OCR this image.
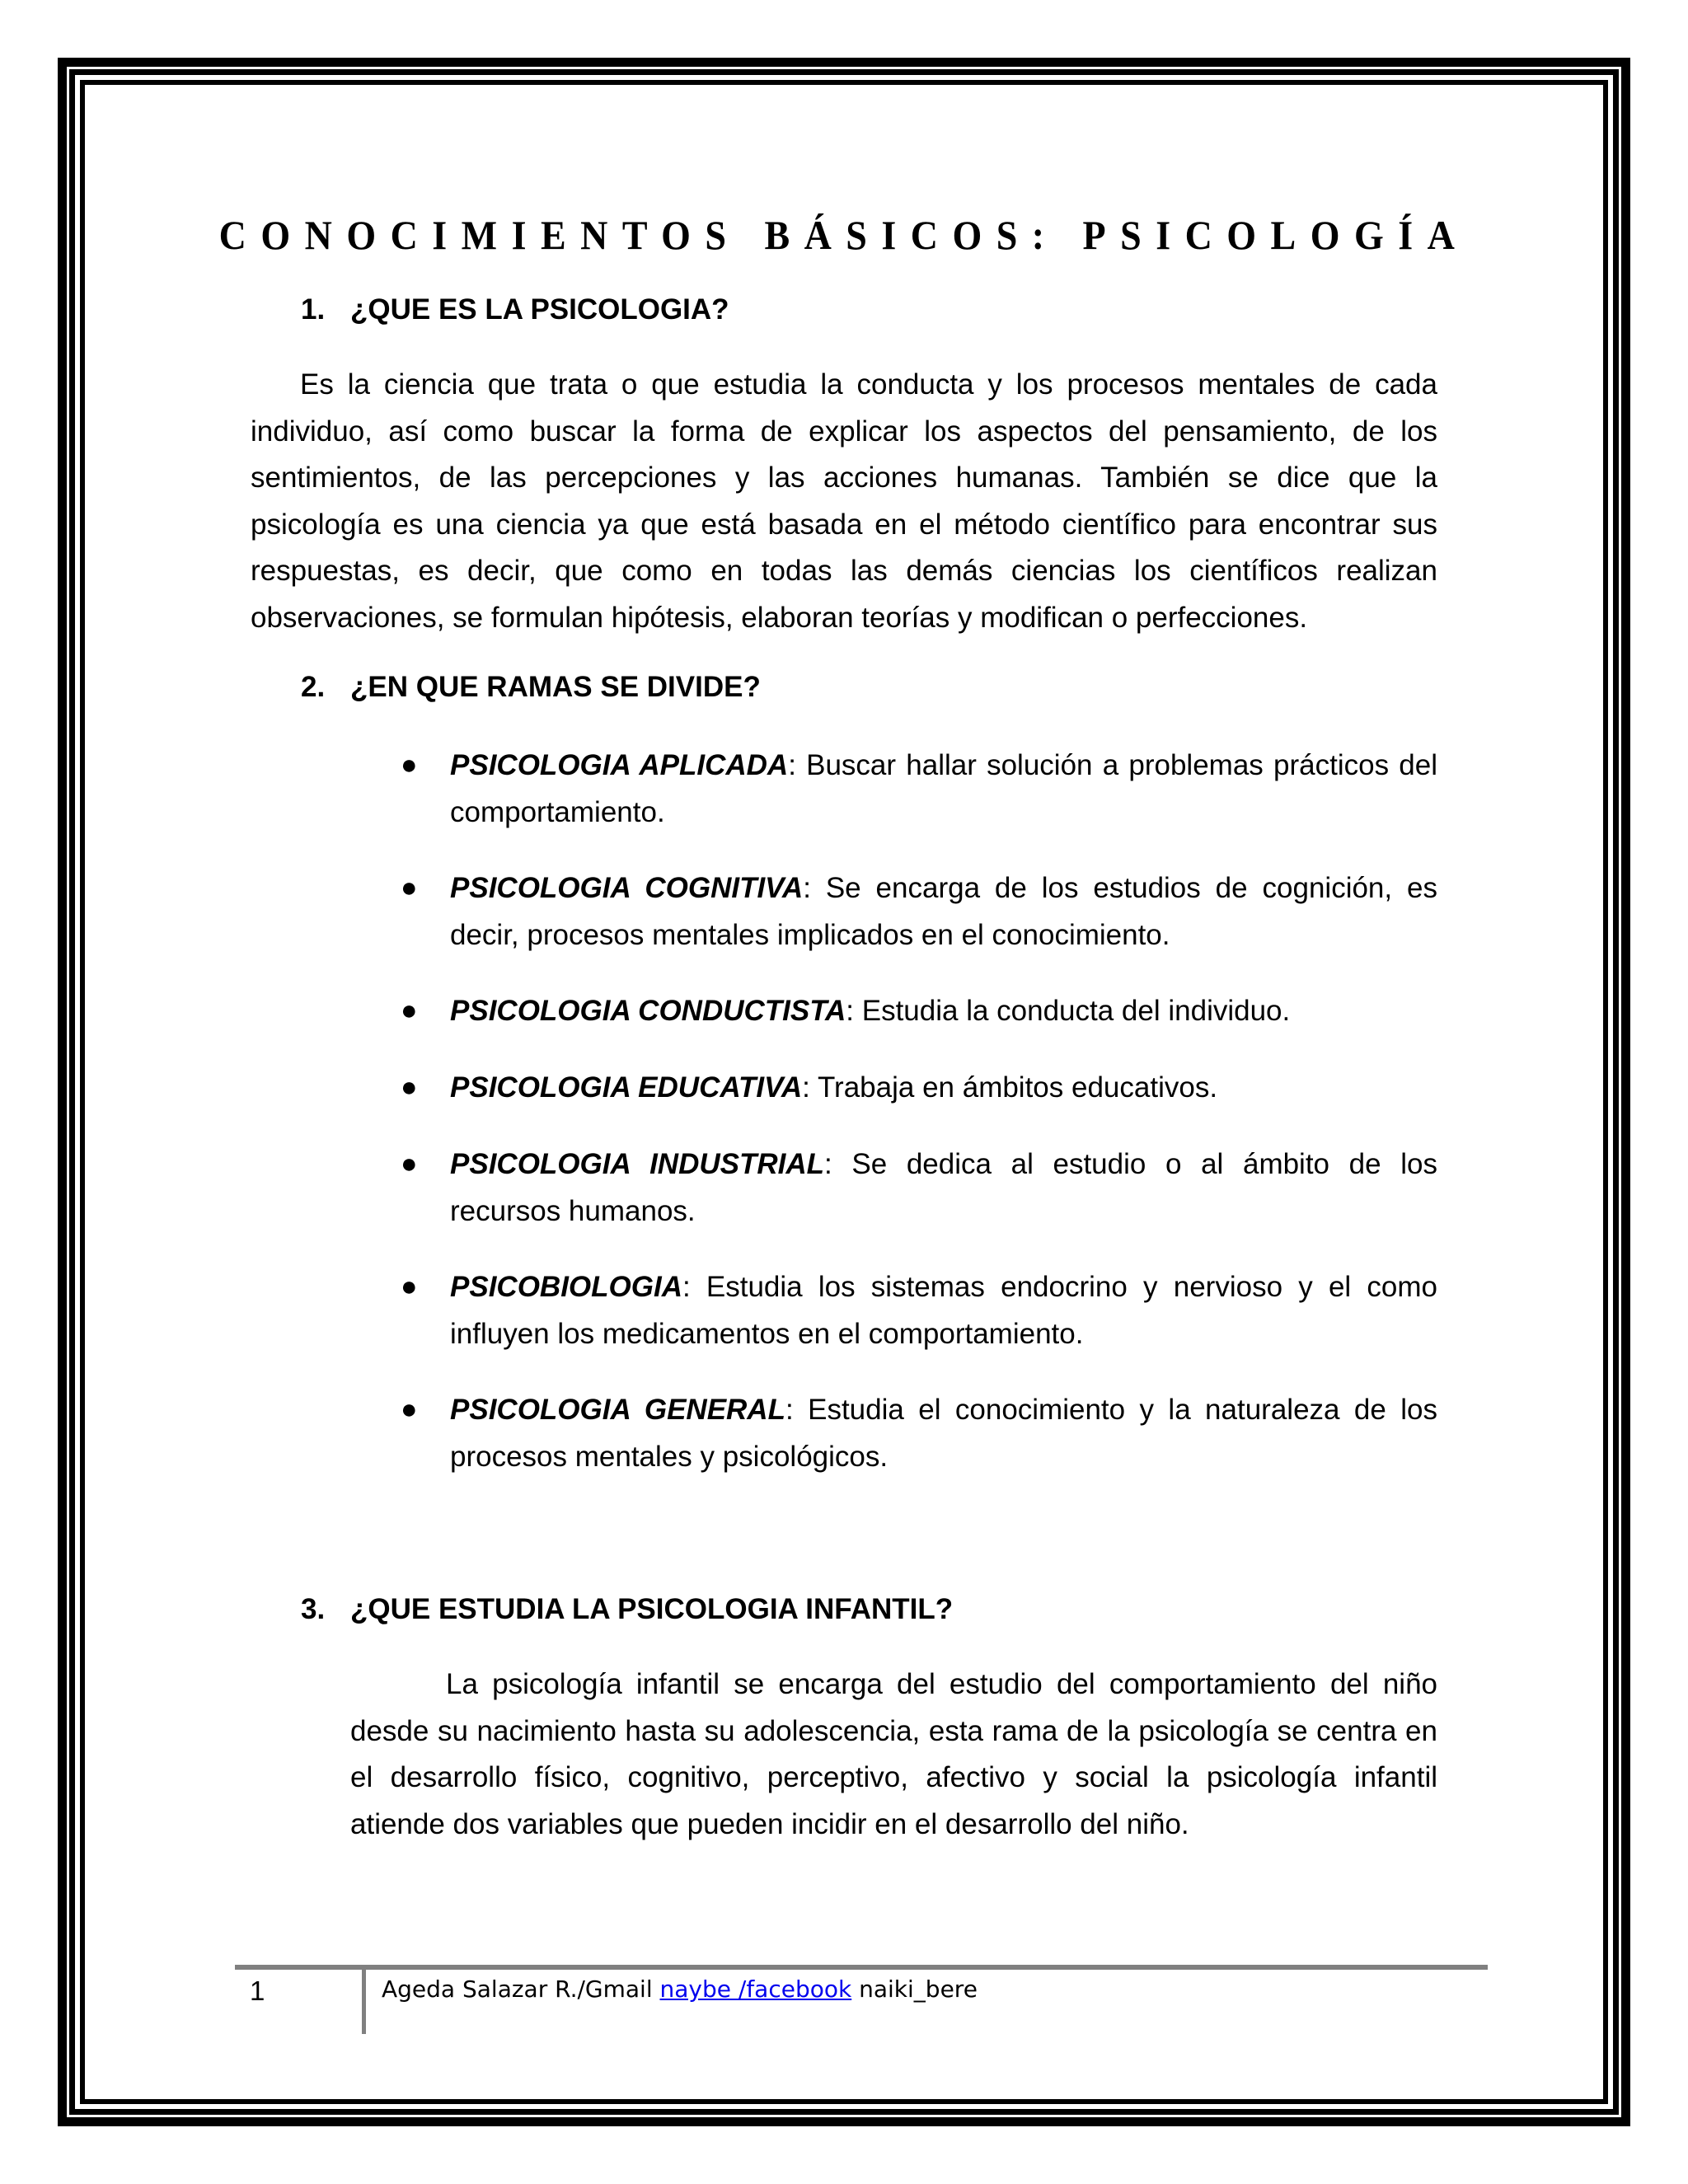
CONOCIMIENTOS BÁSICOS: PSICOLOGÍA
1. ¿QUE ES LA PSICOLOGIA?
Es la ciencia que trata o que estudia la conducta y los procesos mentales de cada individuo, así como buscar la forma de explicar los aspectos del pensamiento, de los sentimientos, de las percepciones y las acciones humanas. También se dice que la psicología es una ciencia ya que está basada en el método científico para encontrar sus respuestas, es decir, que como en todas las demás ciencias los científicos realizan observaciones, se formulan hipótesis, elaboran teorías y modifican o perfecciones.
2. ¿EN QUE RAMAS SE DIVIDE?
● PSICOLOGIA APLICADA: Buscar hallar solución a problemas prácticos del comportamiento.
● PSICOLOGIA COGNITIVA: Se encarga de los estudios de cognición, es decir, procesos mentales implicados en el conocimiento.
● PSICOLOGIA CONDUCTISTA: Estudia la conducta del individuo.
● PSICOLOGIA EDUCATIVA: Trabaja en ámbitos educativos.
● PSICOLOGIA INDUSTRIAL: Se dedica al estudio o al ámbito de los recursos humanos.
● PSICOBIOLOGIA: Estudia los sistemas endocrino y nervioso y el como influyen los medicamentos en el comportamiento.
● PSICOLOGIA GENERAL: Estudia el conocimiento y la naturaleza de los procesos mentales y psicológicos.
3. ¿QUE ESTUDIA LA PSICOLOGIA INFANTIL?
La psicología infantil se encarga del estudio del comportamiento del niño desde su nacimiento hasta su adolescencia, esta rama de la psicología se centra en el desarrollo físico, cognitivo, perceptivo, afectivo y social la psicología infantil atiende dos variables que pueden incidir en el desarrollo del niño.
1	Ageda Salazar R./Gmail naybe /facebook naiki_bere
